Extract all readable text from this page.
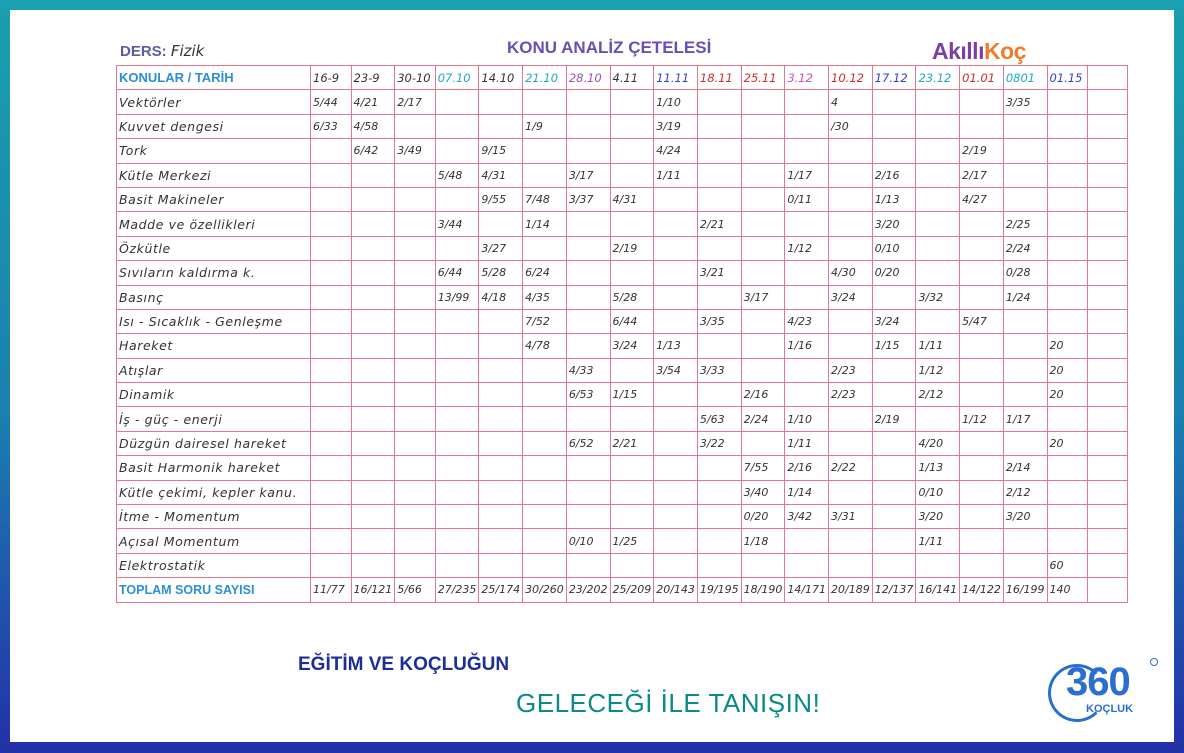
DERS: Fizik	KONU ANALİZ ÇETELESİ	AkıllıKoç
KONULAR / TARİH	16-9	23-9	30-10	07.10	14.10	21.10	28.10	4.11	11.11	18.11	25.11	3.12	10.12	17.12	23.12	01.01	0801	01.15	
Vektörler	5/44	4/21	2/17						1/10				4				3/35		
Kuvvet dengesi	6/33	4/58				1/9			3/19				/30						
Tork		6/42	3/49		9/15				4/24							2/19			
Kütle Merkezi				5/48	4/31		3/17		1/11			1/17		2/16		2/17			
Basit Makineler					9/55	7/48	3/37	4/31				0/11		1/13		4/27			
Madde ve özellikleri				3/44		1/14				2/21				3/20			2/25		
Özkütle					3/27			2/19				1/12		0/10			2/24		
Sıvıların kaldırma k.				6/44	5/28	6/24				3/21			4/30	0/20			0/28		
Basınç				13/99	4/18	4/35		5/28			3/17		3/24		3/32		1/24		
Isı - Sıcaklık - Genleşme						7/52		6/44		3/35		4/23		3/24		5/47			
Hareket						4/78		3/24	1/13			1/16		1/15	1/11			20	
Atışlar							4/33		3/54	3/33			2/23		1/12			20	
Dinamik							6/53	1/15			2/16		2/23		2/12			20	
İş - güç - enerji										5/63	2/24	1/10		2/19		1/12	1/17		
Düzgün dairesel hareket							6/52	2/21		3/22		1/11			4/20			20	
Basit Harmonik hareket											7/55	2/16	2/22		1/13		2/14		
Kütle çekimi, kepler kanu.											3/40	1/14			0/10		2/12		
İtme - Momentum											0/20	3/42	3/31		3/20		3/20		
Açısal Momentum							0/10	1/25			1/18				1/11				
Elektrostatik																		60	
TOPLAM SORU SAYISI	11/77	16/121	5/66	27/235	25/174	30/260	23/202	25/209	20/143	19/195	18/190	14/171	20/189	12/137	16/141	14/122	16/199	140	
EĞİTİM VE KOÇLUĞUN
GELECEĞİ İLE TANIŞIN!	360
KOÇLUK
